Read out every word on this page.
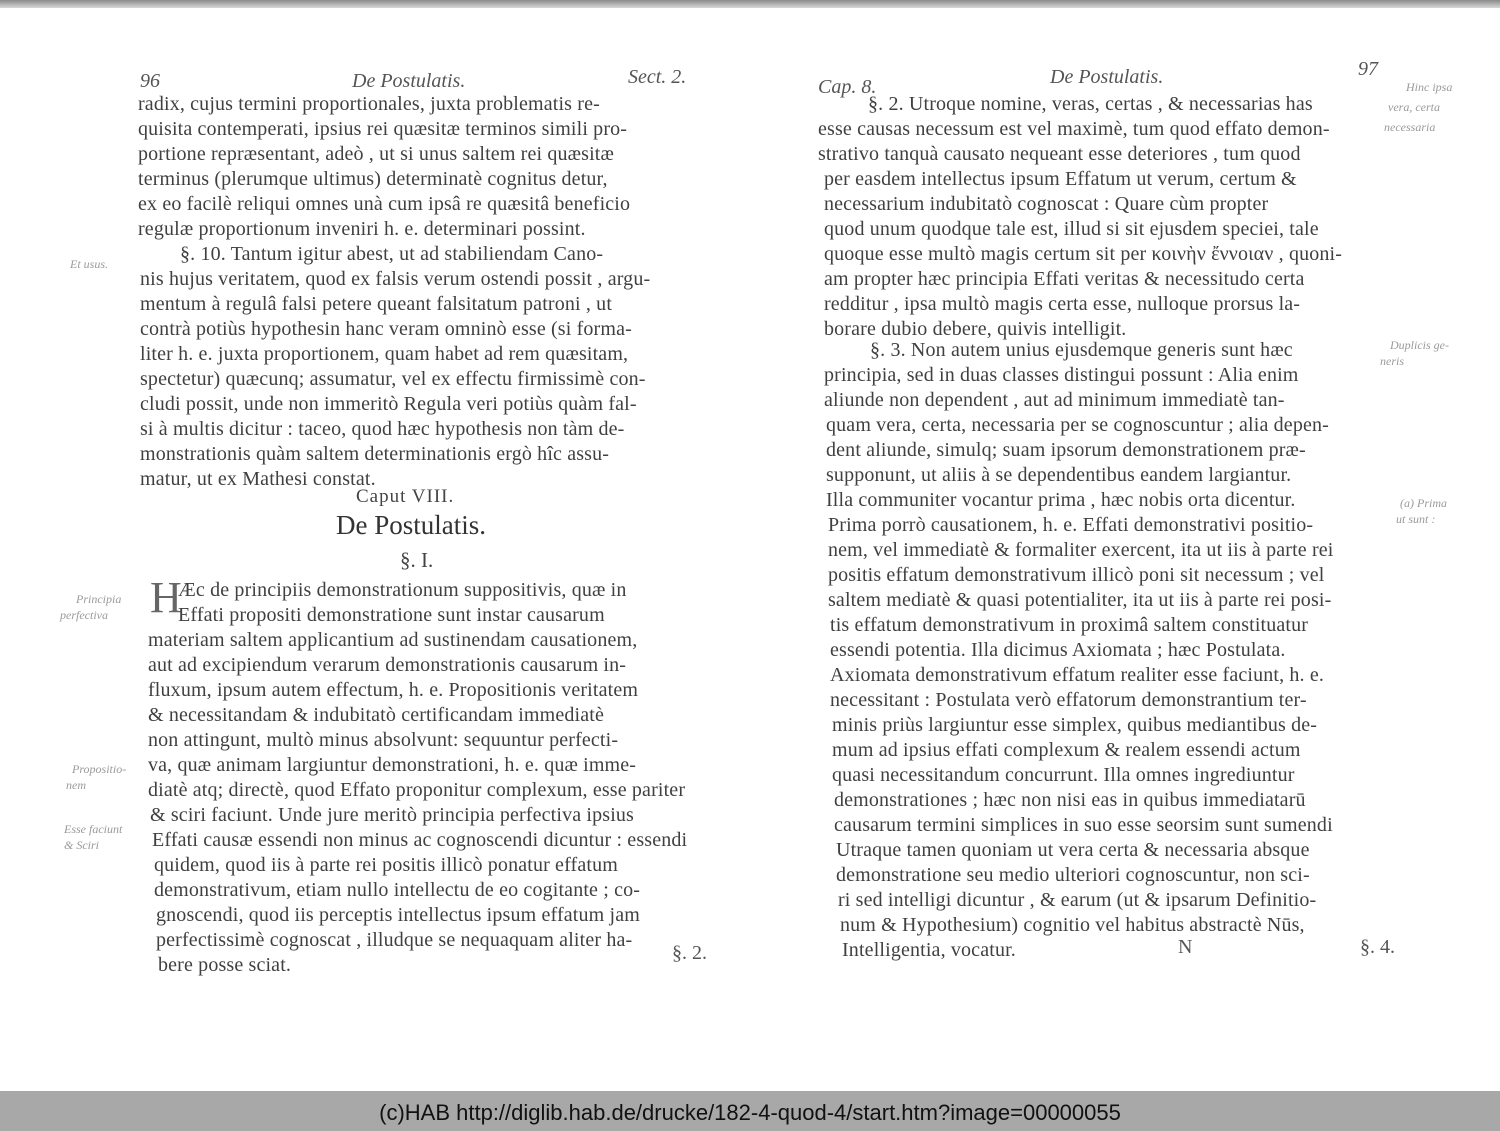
96	De Postulatis.	Sect. 2.
radix, cujus termini proportionales, juxta problematis re-
quisita contemperati, ipsius rei quæsitæ terminos simili pro-
portione repræsentant, adeò , ut si unus saltem rei quæsitæ
terminus (plerumque ultimus) determinatè cognitus detur,
ex eo facilè reliqui omnes unà cum ipsâ re quæsitâ beneficio
regulæ proportionum inveniri h. e. determinari possint.
§. 10. Tantum igitur abest, ut ad stabiliendam Cano-
nis hujus veritatem, quod ex falsis verum ostendi possit , argu-
mentum à regulâ falsi petere queant falsitatum patroni , ut
contrà potiùs hypothesin hanc veram omninò esse (si forma-
liter h. e. juxta proportionem, quam habet ad rem quæsitam,
spectetur) quæcunq; assumatur, vel ex effectu firmissimè con-
cludi possit, unde non immeritò Regula veri potiùs quàm fal-
si à multis dicitur : taceo, quod hæc hypothesis non tàm de-
monstrationis quàm saltem determinationis ergò hîc assu-
matur, ut ex Mathesi constat.
Et usus.
Caput VIII.
De Postulatis.
§. I.
H
Æc de principiis demonstrationum suppositivis, quæ in
Effati propositi demonstratione sunt instar causarum
materiam saltem applicantium ad sustinendam causationem,
aut ad excipiendum verarum demonstrationis causarum in-
fluxum, ipsum autem effectum, h. e. Propositionis veritatem
& necessitandam & indubitatò certificandam immediatè
non attingunt, multò minus absolvunt: sequuntur perfecti-
va, quæ animam largiuntur demonstrationi, h. e. quæ imme-
diatè atq; directè, quod Effato proponitur complexum, esse pariter
& sciri faciunt. Unde jure meritò principia perfectiva ipsius
Effati causæ essendi non minus ac cognoscendi dicuntur : essendi
quidem, quod iis à parte rei positis illicò ponatur effatum
demonstrativum, etiam nullo intellectu de eo cogitante ; co-
gnoscendi, quod iis perceptis intellectus ipsum effatum jam
perfectissimè cognoscat , illudque se nequaquam aliter ha-
bere posse sciat.
Principia
perfectiva
Propositio-
nem
Esse faciunt
& Sciri
§. 2.
Cap. 8.	De Postulatis.	97
§. 2. Utroque nomine, veras, certas , & necessarias has
esse causas necessum est vel maximè, tum quod effato demon-
strativo tanquà causato nequeant esse deteriores , tum quod
per easdem intellectus ipsum Effatum ut verum, certum &
necessarium indubitatò cognoscat : Quare cùm propter
quod unum quodque tale est, illud si sit ejusdem speciei, tale
quoque esse multò magis certum sit per κοινὴν ἔννοιαν , quoni-
am propter hæc principia Effati veritas & necessitudo certa
redditur , ipsa multò magis certa esse, nulloque prorsus la-
borare dubio debere, quivis intelligit.
Hinc ipsa
vera, certa
necessaria
§. 3. Non autem unius ejusdemque generis sunt hæc
principia, sed in duas classes distingui possunt : Alia enim
aliunde non dependent , aut ad minimum immediatè tan-
quam vera, certa, necessaria per se cognoscuntur ; alia depen-
dent aliunde, simulq; suam ipsorum demonstrationem præ-
supponunt, ut aliis à se dependentibus eandem largiantur.
Illa communiter vocantur prima , hæc nobis orta dicentur.
Prima porrò causationem, h. e. Effati demonstrativi positio-
nem, vel immediatè & formaliter exercent, ita ut iis à parte rei
positis effatum demonstrativum illicò poni sit necessum ; vel
saltem mediatè & quasi potentialiter, ita ut iis à parte rei posi-
tis effatum demonstrativum in proximâ saltem constituatur
essendi potentia. Illa dicimus Axiomata ; hæc Postulata.
Axiomata demonstrativum effatum realiter esse faciunt, h. e.
necessitant : Postulata verò effatorum demonstrantium ter-
minis priùs largiuntur esse simplex, quibus mediantibus de-
mum ad ipsius effati complexum & realem essendi actum
quasi necessitandum concurrunt. Illa omnes ingrediuntur
demonstrationes ; hæc non nisi eas in quibus immediatarū
causarum termini simplices in suo esse seorsim sunt sumendi
Utraque tamen quoniam ut vera certa & necessaria absque
demonstratione seu medio ulteriori cognoscuntur, non sci-
ri sed intelligi dicuntur , & earum (ut & ipsarum Definitio-
num & Hypothesium) cognitio vel habitus abstractè Nūs,
Intelligentia, vocatur.
Duplicis ge-
neris
(a) Prima
ut sunt :
N	§. 4.
(c)HAB http://diglib.hab.de/drucke/182-4-quod-4/start.htm?image=00000055
